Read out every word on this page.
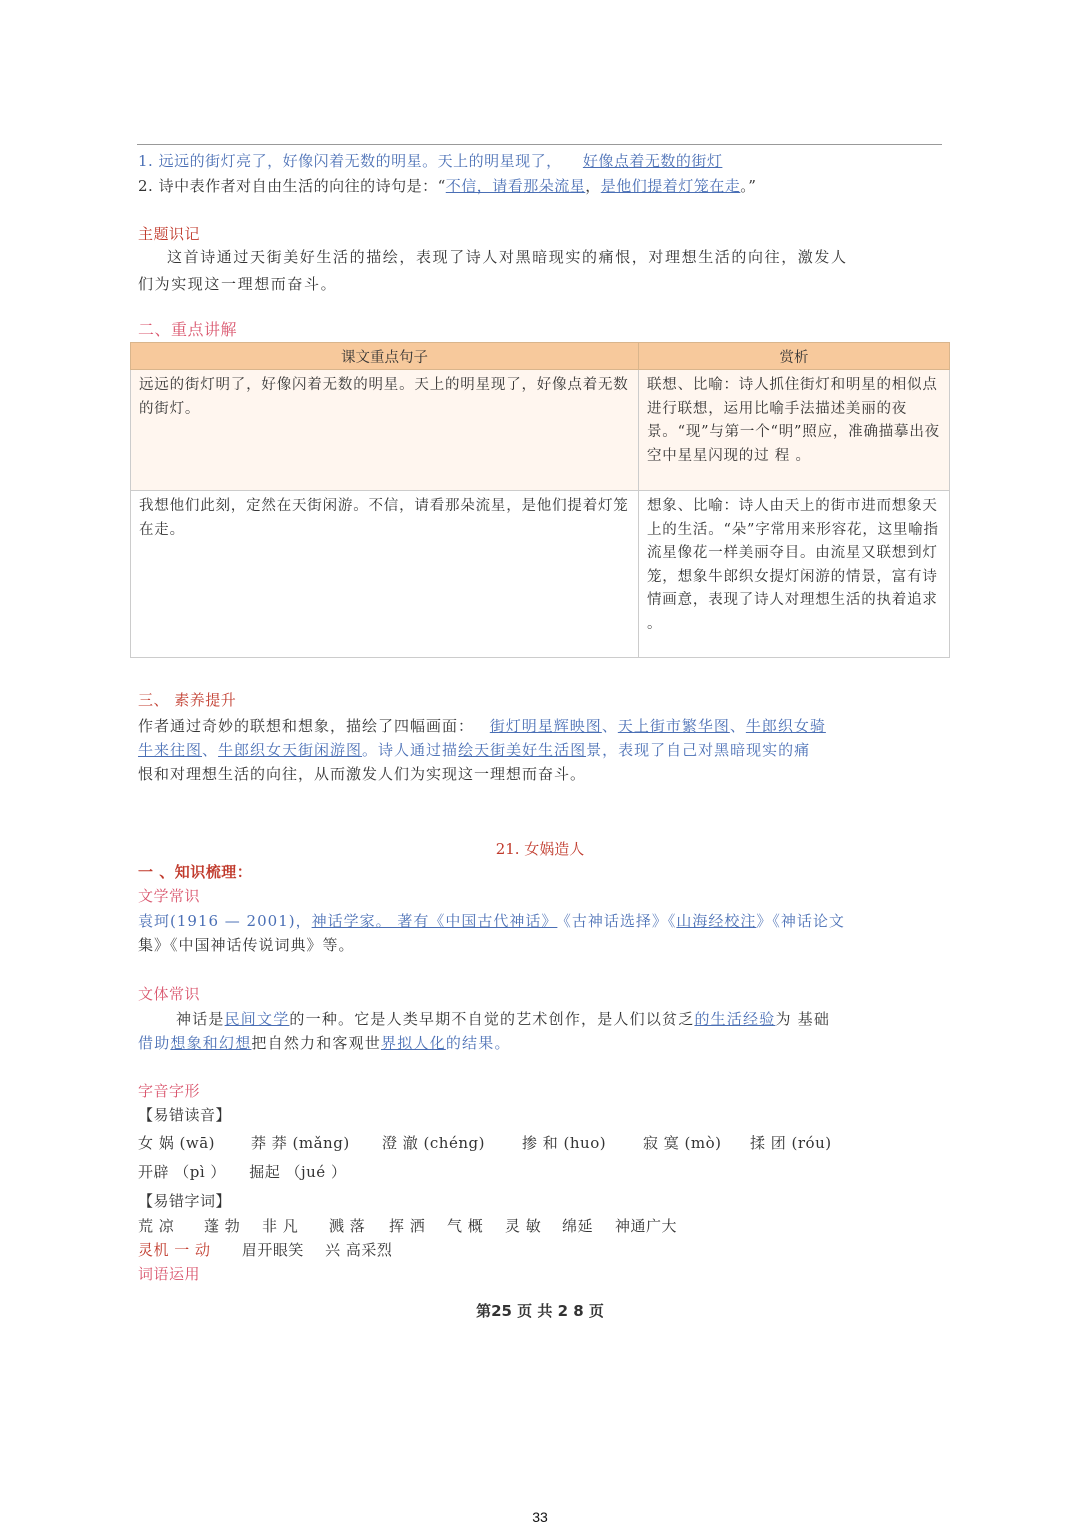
1. 远远的街灯亮了，好像闪着无数的明星。天上的明星现了， 好像点着无数的街灯
2. 诗中表作者对自由生活的向往的诗句是：“不信，请看那朵流星，是他们提着灯笼在走。”
主题识记
这首诗通过天街美好生活的描绘，表现了诗人对黑暗现实的痛恨，对理想生活的向往，激发人
们为实现这一理想而奋斗。
二、重点讲解
课文重点句子	赏析
远远的街灯明了，好像闪着无数的明星。天上的明星现了，好像点着无数的街灯。	联想、比喻：诗人抓住街灯和明星的相似点进行联想，运用比喻手法描述美丽的夜景。“现”与第一个“明”照应，准确描摹出夜空中星星闪现的过 程 。
我想他们此刻，定然在天街闲游。不信，请看那朵流星，是他们提着灯笼在走。	想象、比喻：诗人由天上的街市进而想象天上的生活。“朵”字常用来形容花，这里喻指流星像花一样美丽夺目。由流星又联想到灯笼，想象牛郎织女提灯闲游的情景，富有诗情画意，表现了诗人对理想生活的执着追求 。
三、 素养提升
作者通过奇妙的联想和想象，描绘了四幅画面： 街灯明星辉映图、天上街市繁华图、牛郎织女骑
牛来往图、牛郎织女天街闲游图。诗人通过描绘天街美好生活图景，表现了自己对黑暗现实的痛
恨和对理想生活的向往，从而激发人们为实现这一理想而奋斗。
21. 女娲造人
一 、知识梳理：
文学常识
袁珂(1916 — 2001)，神话学家。 著有《中国古代神话》 《古神话选择》《山海经校注》《神话论文
集》《中国神话传说词典》等。
文体常识
神话是民间文学的一种。它是人类早期不自觉的艺术创作，是人们以贫乏的生活经验为 基础
借助想象和幻想把自然力和客观世界拟人化的结果。
字音字形
【易错读音】
女 娲 (wā) 莽 莽 (mǎng) 澄 澈 (chéng) 掺 和 (huo) 寂 寞 (mò) 揉 团 (róu)
开辟 （pì ） 掘起 （jué ）
【易错字词】
荒 凉 蓬 勃 非 凡 溅 落 挥 洒 气 概 灵 敏 绵延 神通广大
灵机 一 动 眉开眼笑 兴 高采烈
词语运用
第25 页 共 2 8 页
33
